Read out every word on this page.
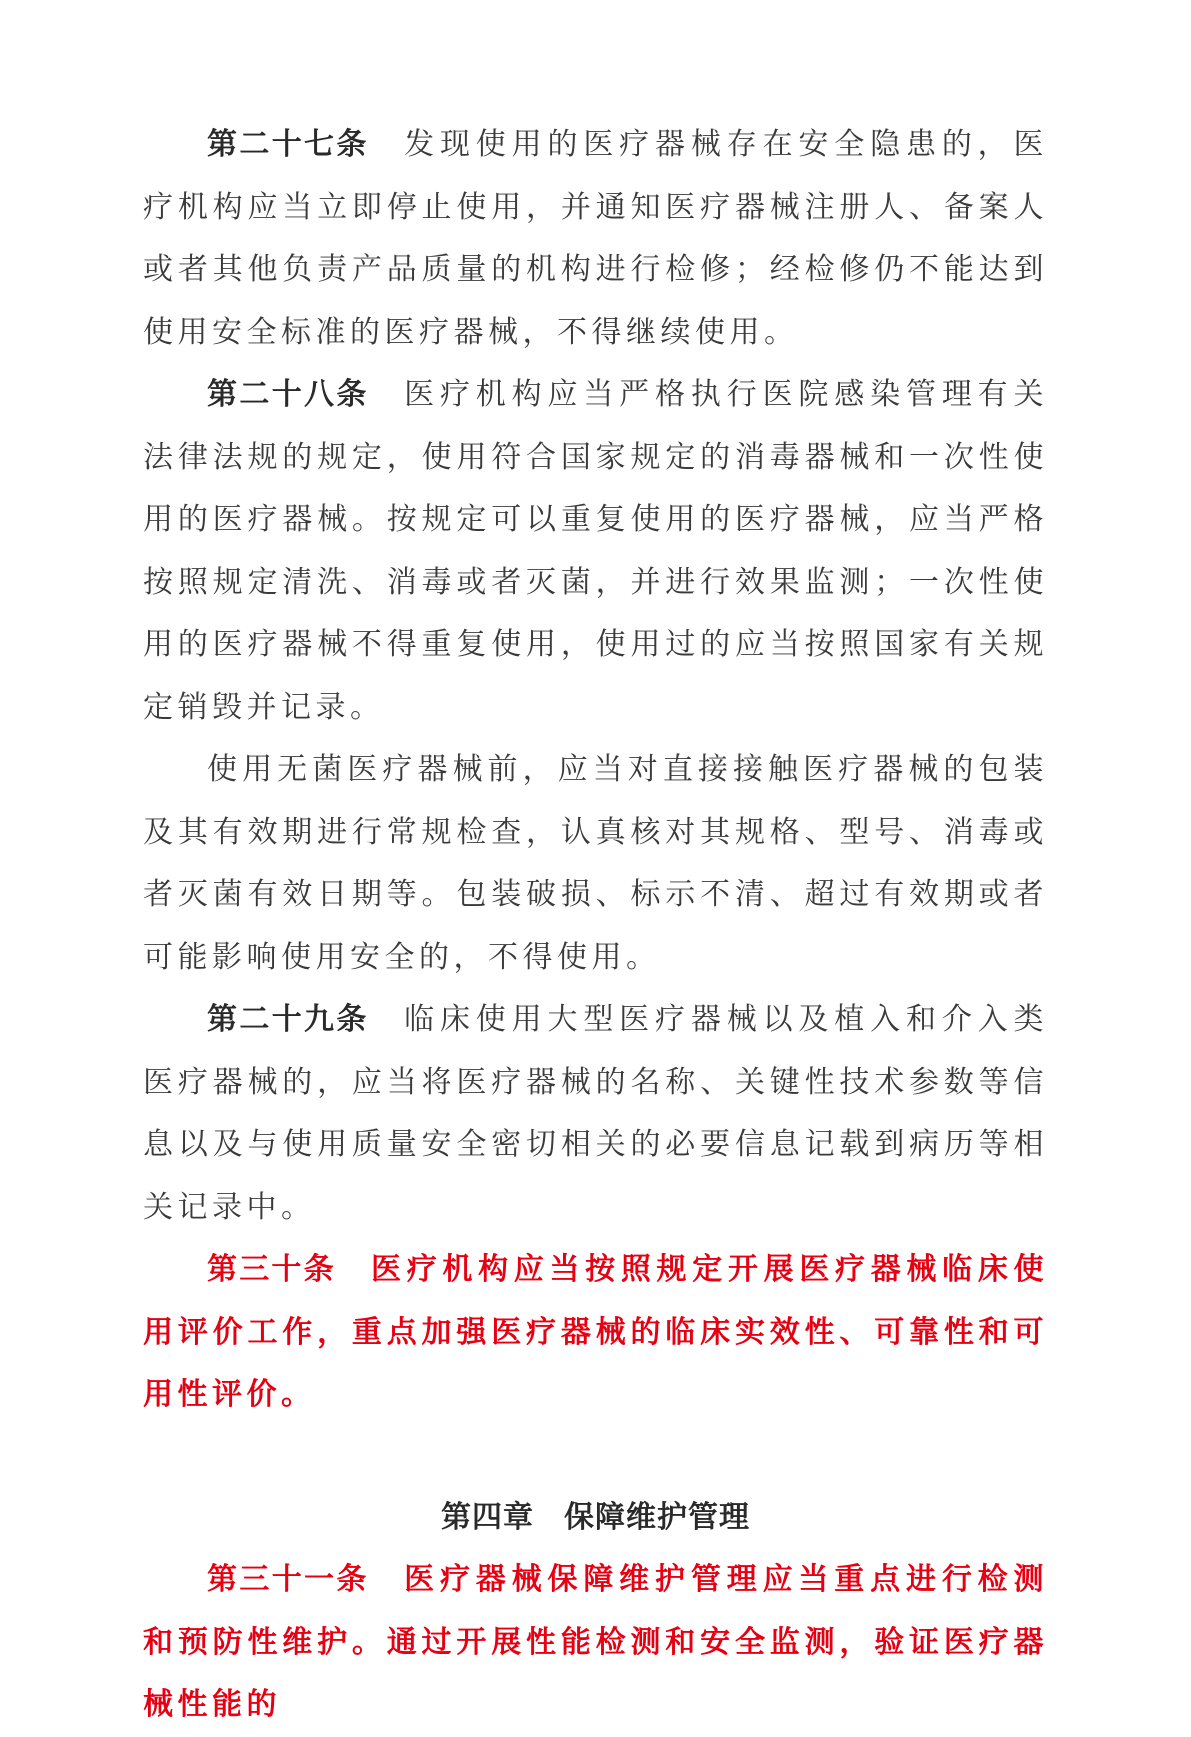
第二十七条 发现使用的医疗器械存在安全隐患的，医疗机构应当立即停止使用，并通知医疗器械注册人、备案人或者其他负责产品质量的机构进行检修；经检修仍不能达到使用安全标准的医疗器械，不得继续使用。

第二十八条 医疗机构应当严格执行医院感染管理有关法律法规的规定，使用符合国家规定的消毒器械和一次性使用的医疗器械。按规定可以重复使用的医疗器械，应当严格按照规定清洗、消毒或者灭菌，并进行效果监测；一次性使用的医疗器械不得重复使用，使用过的应当按照国家有关规定销毁并记录。

使用无菌医疗器械前，应当对直接接触医疗器械的包装及其有效期进行常规检查，认真核对其规格、型号、消毒或者灭菌有效日期等。包装破损、标示不清、超过有效期或者可能影响使用安全的，不得使用。

第二十九条 临床使用大型医疗器械以及植入和介入类医疗器械的，应当将医疗器械的名称、关键性技术参数等信息以及与使用质量安全密切相关的必要信息记载到病历等相关记录中。

第三十条 医疗机构应当按照规定开展医疗器械临床使用评价工作，重点加强医疗器械的临床实效性、可靠性和可用性评价。

第四章 保障维护管理

第三十一条 医疗器械保障维护管理应当重点进行检测和预防性维护。通过开展性能检测和安全监测，验证医疗器械性能的
